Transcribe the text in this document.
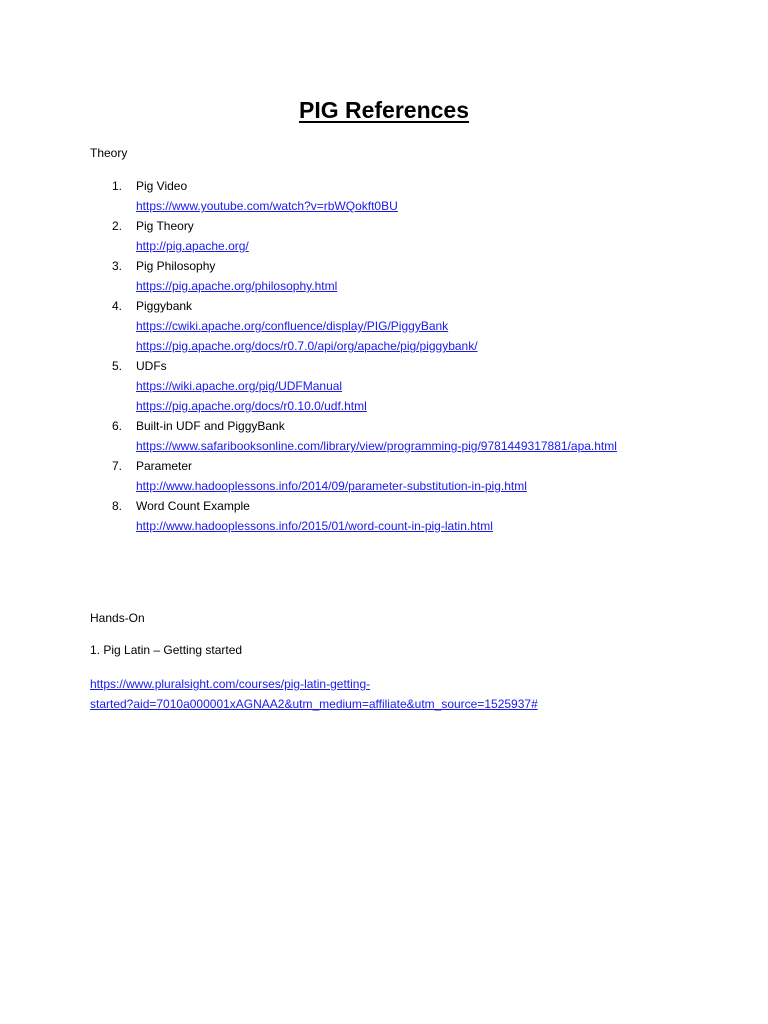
PIG References
Theory
1. Pig Video
https://www.youtube.com/watch?v=rbWQokft0BU
2. Pig Theory
http://pig.apache.org/
3. Pig Philosophy
https://pig.apache.org/philosophy.html
4. Piggybank
https://cwiki.apache.org/confluence/display/PIG/PiggyBank
https://pig.apache.org/docs/r0.7.0/api/org/apache/pig/piggybank/
5. UDFs
https://wiki.apache.org/pig/UDFManual
https://pig.apache.org/docs/r0.10.0/udf.html
6. Built-in UDF and PiggyBank
https://www.safaribooksonline.com/library/view/programming-pig/9781449317881/apa.html
7. Parameter
http://www.hadooplessons.info/2014/09/parameter-substitution-in-pig.html
8. Word Count Example
http://www.hadooplessons.info/2015/01/word-count-in-pig-latin.html
Hands-On
1. Pig Latin – Getting started
https://www.pluralsight.com/courses/pig-latin-getting-
started?aid=7010a000001xAGNAA2&utm_medium=affiliate&utm_source=1525937#
